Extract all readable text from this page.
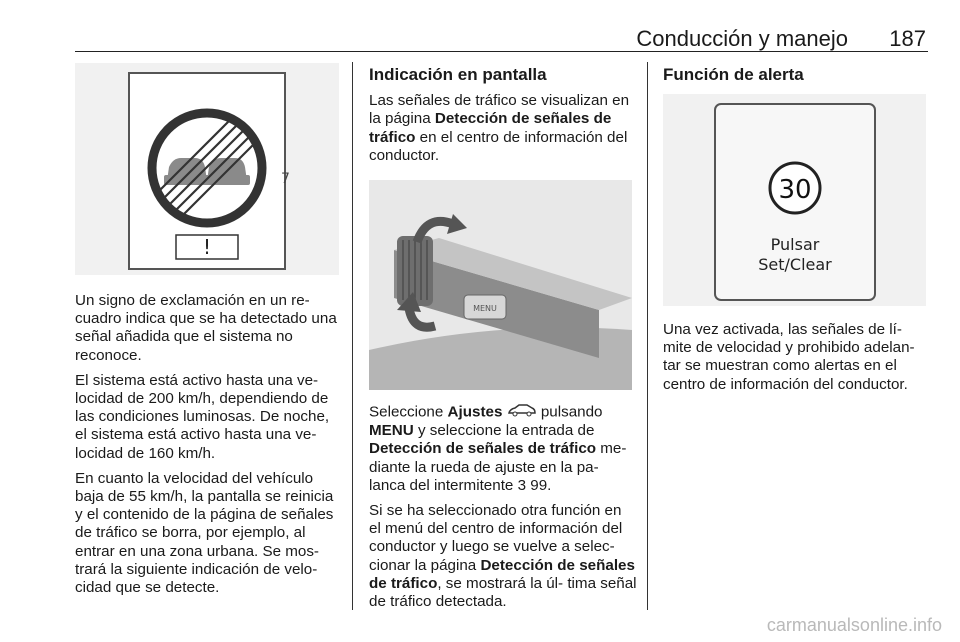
Conducción y manejo 187
!
7

Un signo de exclamación en un re- cuadro indica que se ha detectado una señal añadida que el sistema no reconoce.

El sistema está activo hasta una ve- locidad de 200 km/h, dependiendo de las condiciones luminosas. De noche, el sistema está activo hasta una ve- locidad de 160 km/h.

En cuanto la velocidad del vehículo baja de 55 km/h, la pantalla se reinicia y el contenido de la página de señales de tráfico se borra, por ejemplo, al entrar en una zona urbana. Se mos- trará la siguiente indicación de velo- cidad que se detecte.

Indicación en pantalla

Las señales de tráfico se visualizan en la página Detección de señales de tráfico en el centro de información del conductor.

MENU

Seleccione Ajustes  pulsando MENU y seleccione la entrada de Detección de señales de tráfico me- diante la rueda de ajuste en la pa- lanca del intermitente 3 99.

Si se ha seleccionado otra función en el menú del centro de información del conductor y luego se vuelve a selec- cionar la página Detección de señales de tráfico, se mostrará la úl- tima señal de tráfico detectada.

Función de alerta
30
Pulsar
Set/Clear

Una vez activada, las señales de lí- mite de velocidad y prohibido adelan- tar se muestran como alertas en el centro de información del conductor.

carmanualsonline.info
